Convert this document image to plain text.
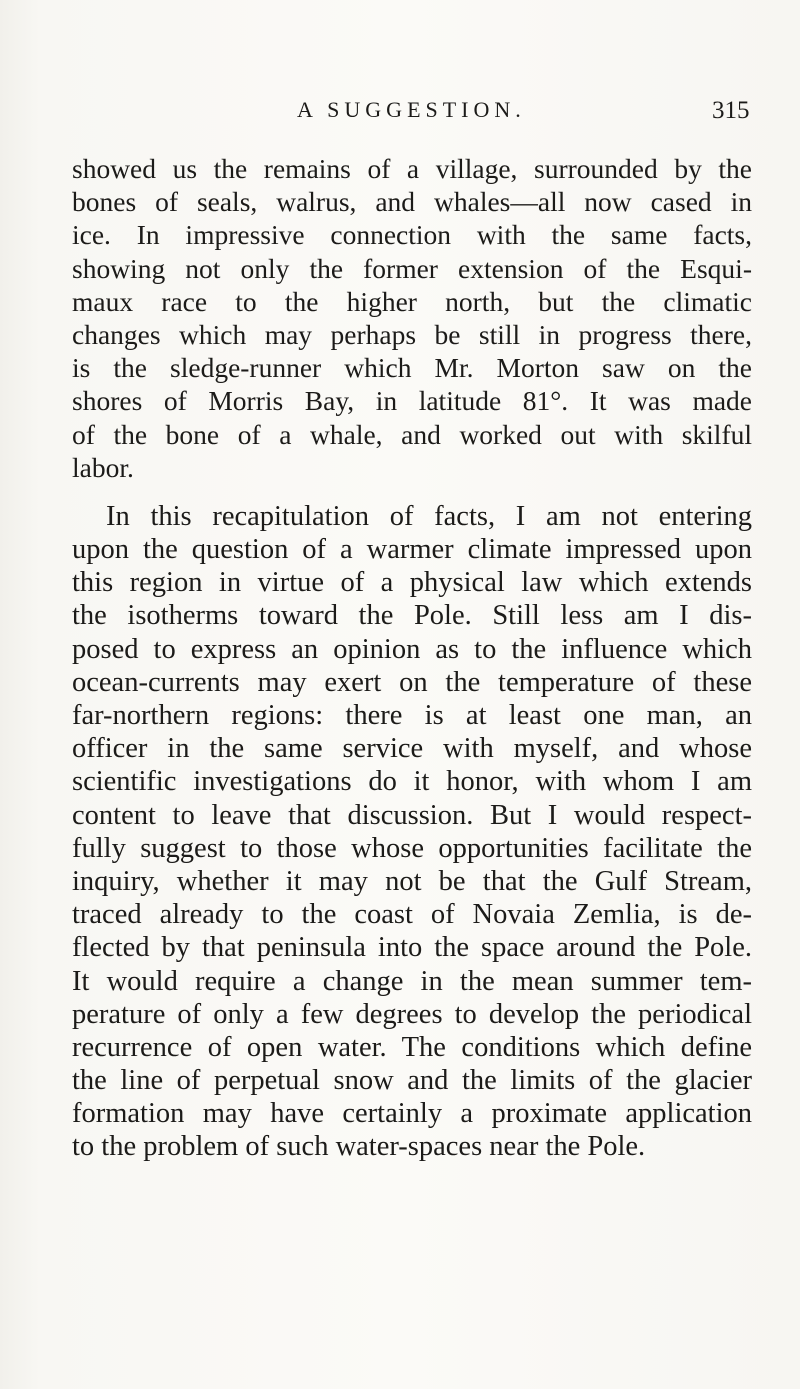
A SUGGESTION.	315
showed us the remains of a village, surrounded by the
bones of seals, walrus, and whales—all now cased in
ice. In impressive connection with the same facts,
showing not only the former extension of the Esqui-
maux race to the higher north, but the climatic
changes which may perhaps be still in progress there,
is the sledge-runner which Mr. Morton saw on the
shores of Morris Bay, in latitude 81°. It was made
of the bone of a whale, and worked out with skilful
labor.
In this recapitulation of facts, I am not entering
upon the question of a warmer climate impressed upon
this region in virtue of a physical law which extends
the isotherms toward the Pole. Still less am I dis-
posed to express an opinion as to the influence which
ocean-currents may exert on the temperature of these
far-northern regions: there is at least one man, an
officer in the same service with myself, and whose
scientific investigations do it honor, with whom I am
content to leave that discussion. But I would respect-
fully suggest to those whose opportunities facilitate the
inquiry, whether it may not be that the Gulf Stream,
traced already to the coast of Novaia Zemlia, is de-
flected by that peninsula into the space around the Pole.
It would require a change in the mean summer tem-
perature of only a few degrees to develop the periodical
recurrence of open water. The conditions which define
the line of perpetual snow and the limits of the glacier
formation may have certainly a proximate application
to the problem of such water-spaces near the Pole.
